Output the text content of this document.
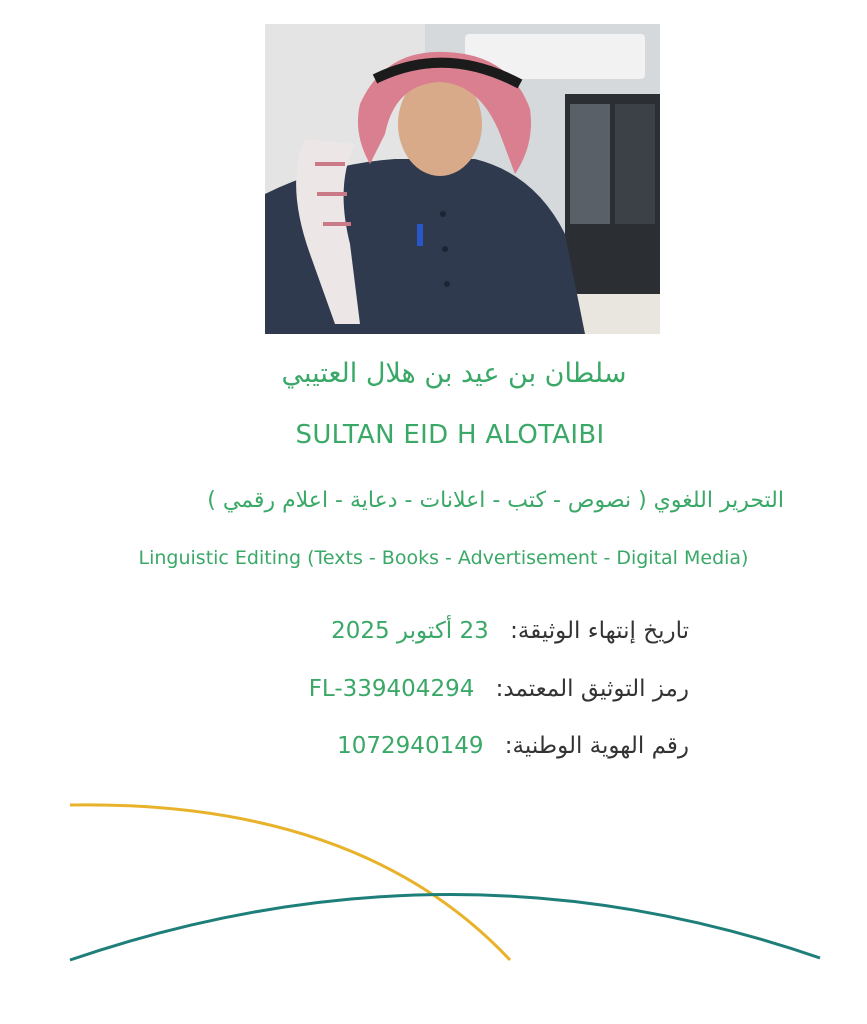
سلطان بن عيد بن هلال العتيبي
SULTAN EID H ALOTAIBI
التحرير اللغوي ( نصوص - كتب - اعلانات - دعاية - اعلام رقمي )
Linguistic Editing (Texts - Books - Advertisement - Digital Media)
تاريخ إنتهاء الوثيقة: 23 أكتوبر 2025
رمز التوثيق المعتمد: FL-339404294
رقم الهوية الوطنية: 1072940149
